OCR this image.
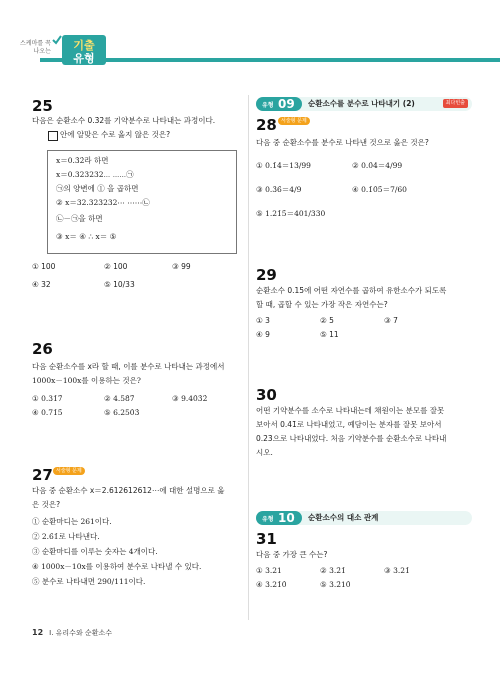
스케마를 꼭
나오는	기출
유형
25
다음은 순환소수 0.3̇2̇를 기약분수로 나타내는 과정이다.
안에 알맞은 수로 옳지 않은 것은?
x＝0.3̇2̇라 하면
x＝0.323232⋯ ⋯⋯㉠
㉠의 양변에 ① 을 곱하면
② x＝32.323232⋯ ⋯⋯㉡
㉡－㉠을 하면
③ x＝ ④ ∴ x＝ ⑤
① 100	② 100	③ 99
④ 32	⑤ 10/33
26
다음 순환소수를 x라 할 때, 이를 분수로 나타내는 과정에서
1000x－100x를 이용하는 것은?
① 0.31̇7̇	② 4.58̇7̇	③ 9.40̇3̇2̇
④ 0.71̇5̇	⑤ 6.250̇3̇
27 서술형 문제
다음 중 순환소수 x＝2.612612612⋯에 대한 설명으로 옳
은 것은?
① 순환마디는 261이다.
② 2.6̇1̇로 나타낸다.
③ 순환마디를 이루는 숫자는 4개이다.
④ 1000x－10x를 이용하여 분수로 나타낼 수 있다.
⑤ 분수로 나타내면 290/111이다.
유형 09 순환소수를 분수로 나타내기 (2)	최다빈출
28 서술형 문제
다음 중 순환소수를 분수로 나타낸 것으로 옳은 것은?
① 0.1̇4̇＝13/99	② 0.0̇4̇＝4/99
③ 0.3̇6̇＝4/9	④ 0.1̇0̇5̇＝7/60
⑤ 1.21̇5̇＝401/330
29
순환소수 0.15̇에 어떤 자연수를 곱하여 유한소수가 되도록
할 때, 곱할 수 있는 가장 작은 자연수는?
① 3	② 5	③ 7
④ 9	⑤ 11
30
어떤 기약분수를 소수로 나타내는데 채원이는 분모를 잘못
보아서 0.41̇로 나타내었고, 예담이는 분자를 잘못 보아서
0.2̇3̇으로 나타내었다. 처음 기약분수를 순환소수로 나타내
시오.
유형 10 순환소수의 대소 관계
31
다음 중 가장 큰 수는?
① 3.21	② 3.2̇1̇	③ 3.21̇
④ 3.21̇0̇	⑤ 3.2̇10̇
12 Ⅰ. 유리수와 순환소수
